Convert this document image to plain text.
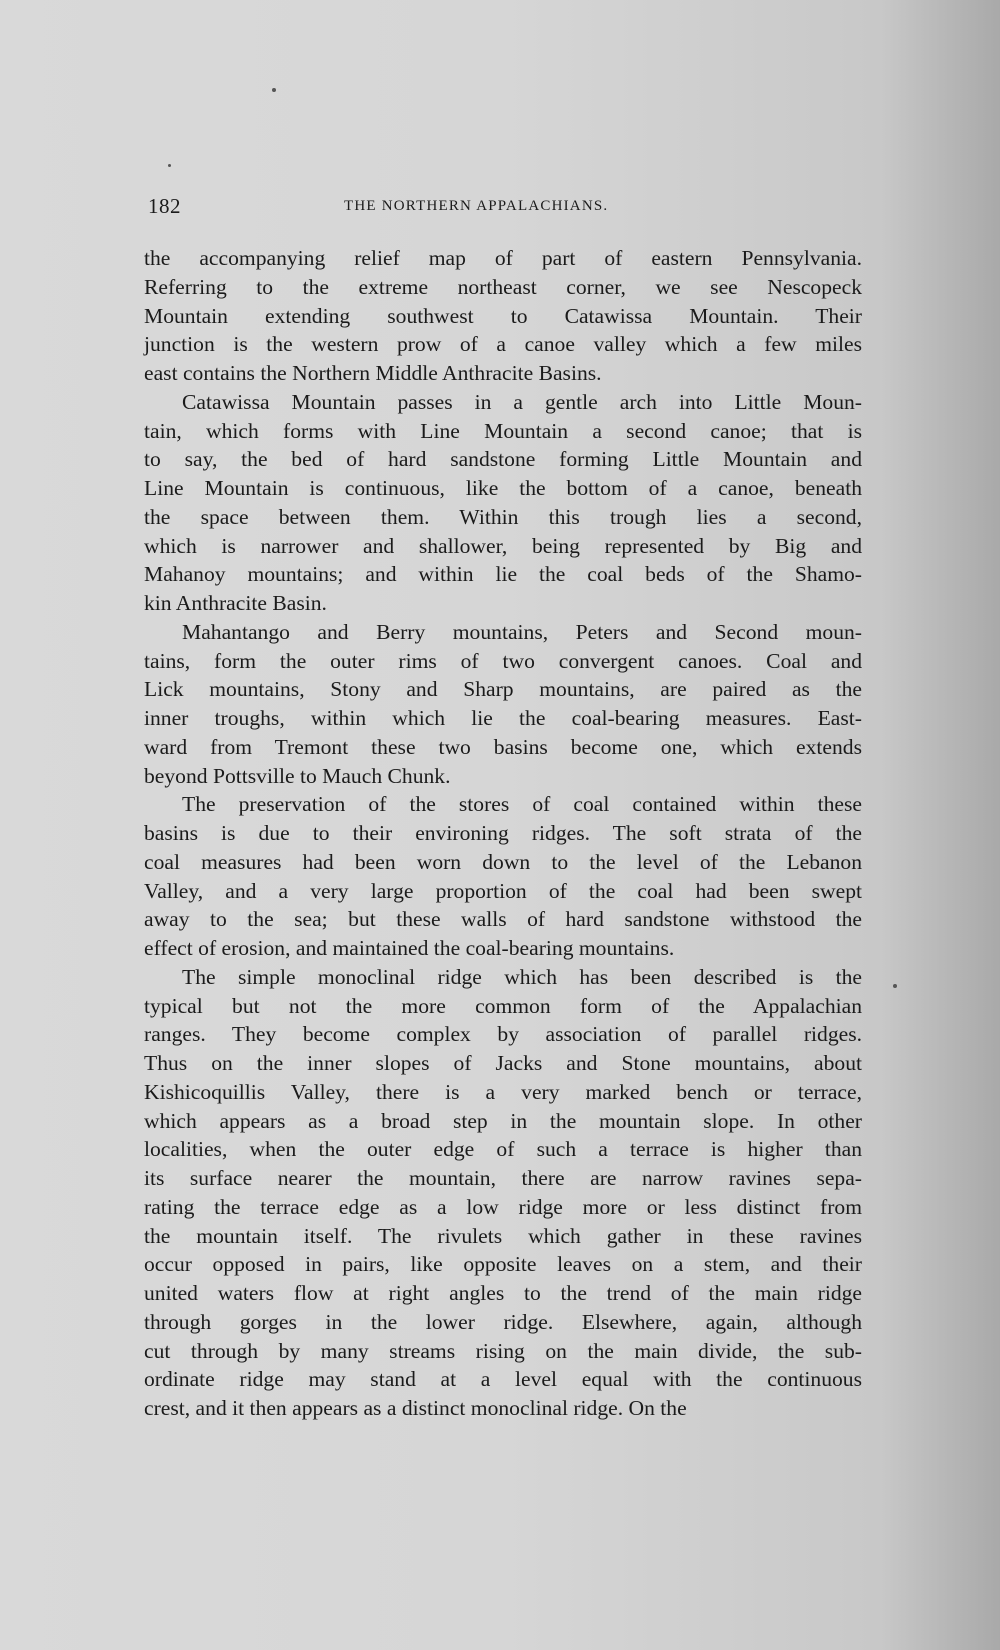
182	THE NORTHERN APPALACHIANS.

the accompanying relief map of part of eastern Pennsylvania.
Referring to the extreme northeast corner, we see Nescopeck
Mountain extending southwest to Catawissa Mountain. Their
junction is the western prow of a canoe valley which a few miles
east contains the Northern Middle Anthracite Basins.

Catawissa Mountain passes in a gentle arch into Little Moun-
tain, which forms with Line Mountain a second canoe; that is
to say, the bed of hard sandstone forming Little Mountain and
Line Mountain is continuous, like the bottom of a canoe, beneath
the space between them. Within this trough lies a second,
which is narrower and shallower, being represented by Big and
Mahanoy mountains; and within lie the coal beds of the Shamo-
kin Anthracite Basin.

Mahantango and Berry mountains, Peters and Second moun-
tains, form the outer rims of two convergent canoes. Coal and
Lick mountains, Stony and Sharp mountains, are paired as the
inner troughs, within which lie the coal-bearing measures. East-
ward from Tremont these two basins become one, which extends
beyond Pottsville to Mauch Chunk.

The preservation of the stores of coal contained within these
basins is due to their environing ridges. The soft strata of the
coal measures had been worn down to the level of the Lebanon
Valley, and a very large proportion of the coal had been swept
away to the sea; but these walls of hard sandstone withstood the
effect of erosion, and maintained the coal-bearing mountains.

The simple monoclinal ridge which has been described is the
typical but not the more common form of the Appalachian
ranges. They become complex by association of parallel ridges.
Thus on the inner slopes of Jacks and Stone mountains, about
Kishicoquillis Valley, there is a very marked bench or terrace,
which appears as a broad step in the mountain slope. In other
localities, when the outer edge of such a terrace is higher than
its surface nearer the mountain, there are narrow ravines sepa-
rating the terrace edge as a low ridge more or less distinct from
the mountain itself. The rivulets which gather in these ravines
occur opposed in pairs, like opposite leaves on a stem, and their
united waters flow at right angles to the trend of the main ridge
through gorges in the lower ridge. Elsewhere, again, although
cut through by many streams rising on the main divide, the sub-
ordinate ridge may stand at a level equal with the continuous
crest, and it then appears as a distinct monoclinal ridge. On the
